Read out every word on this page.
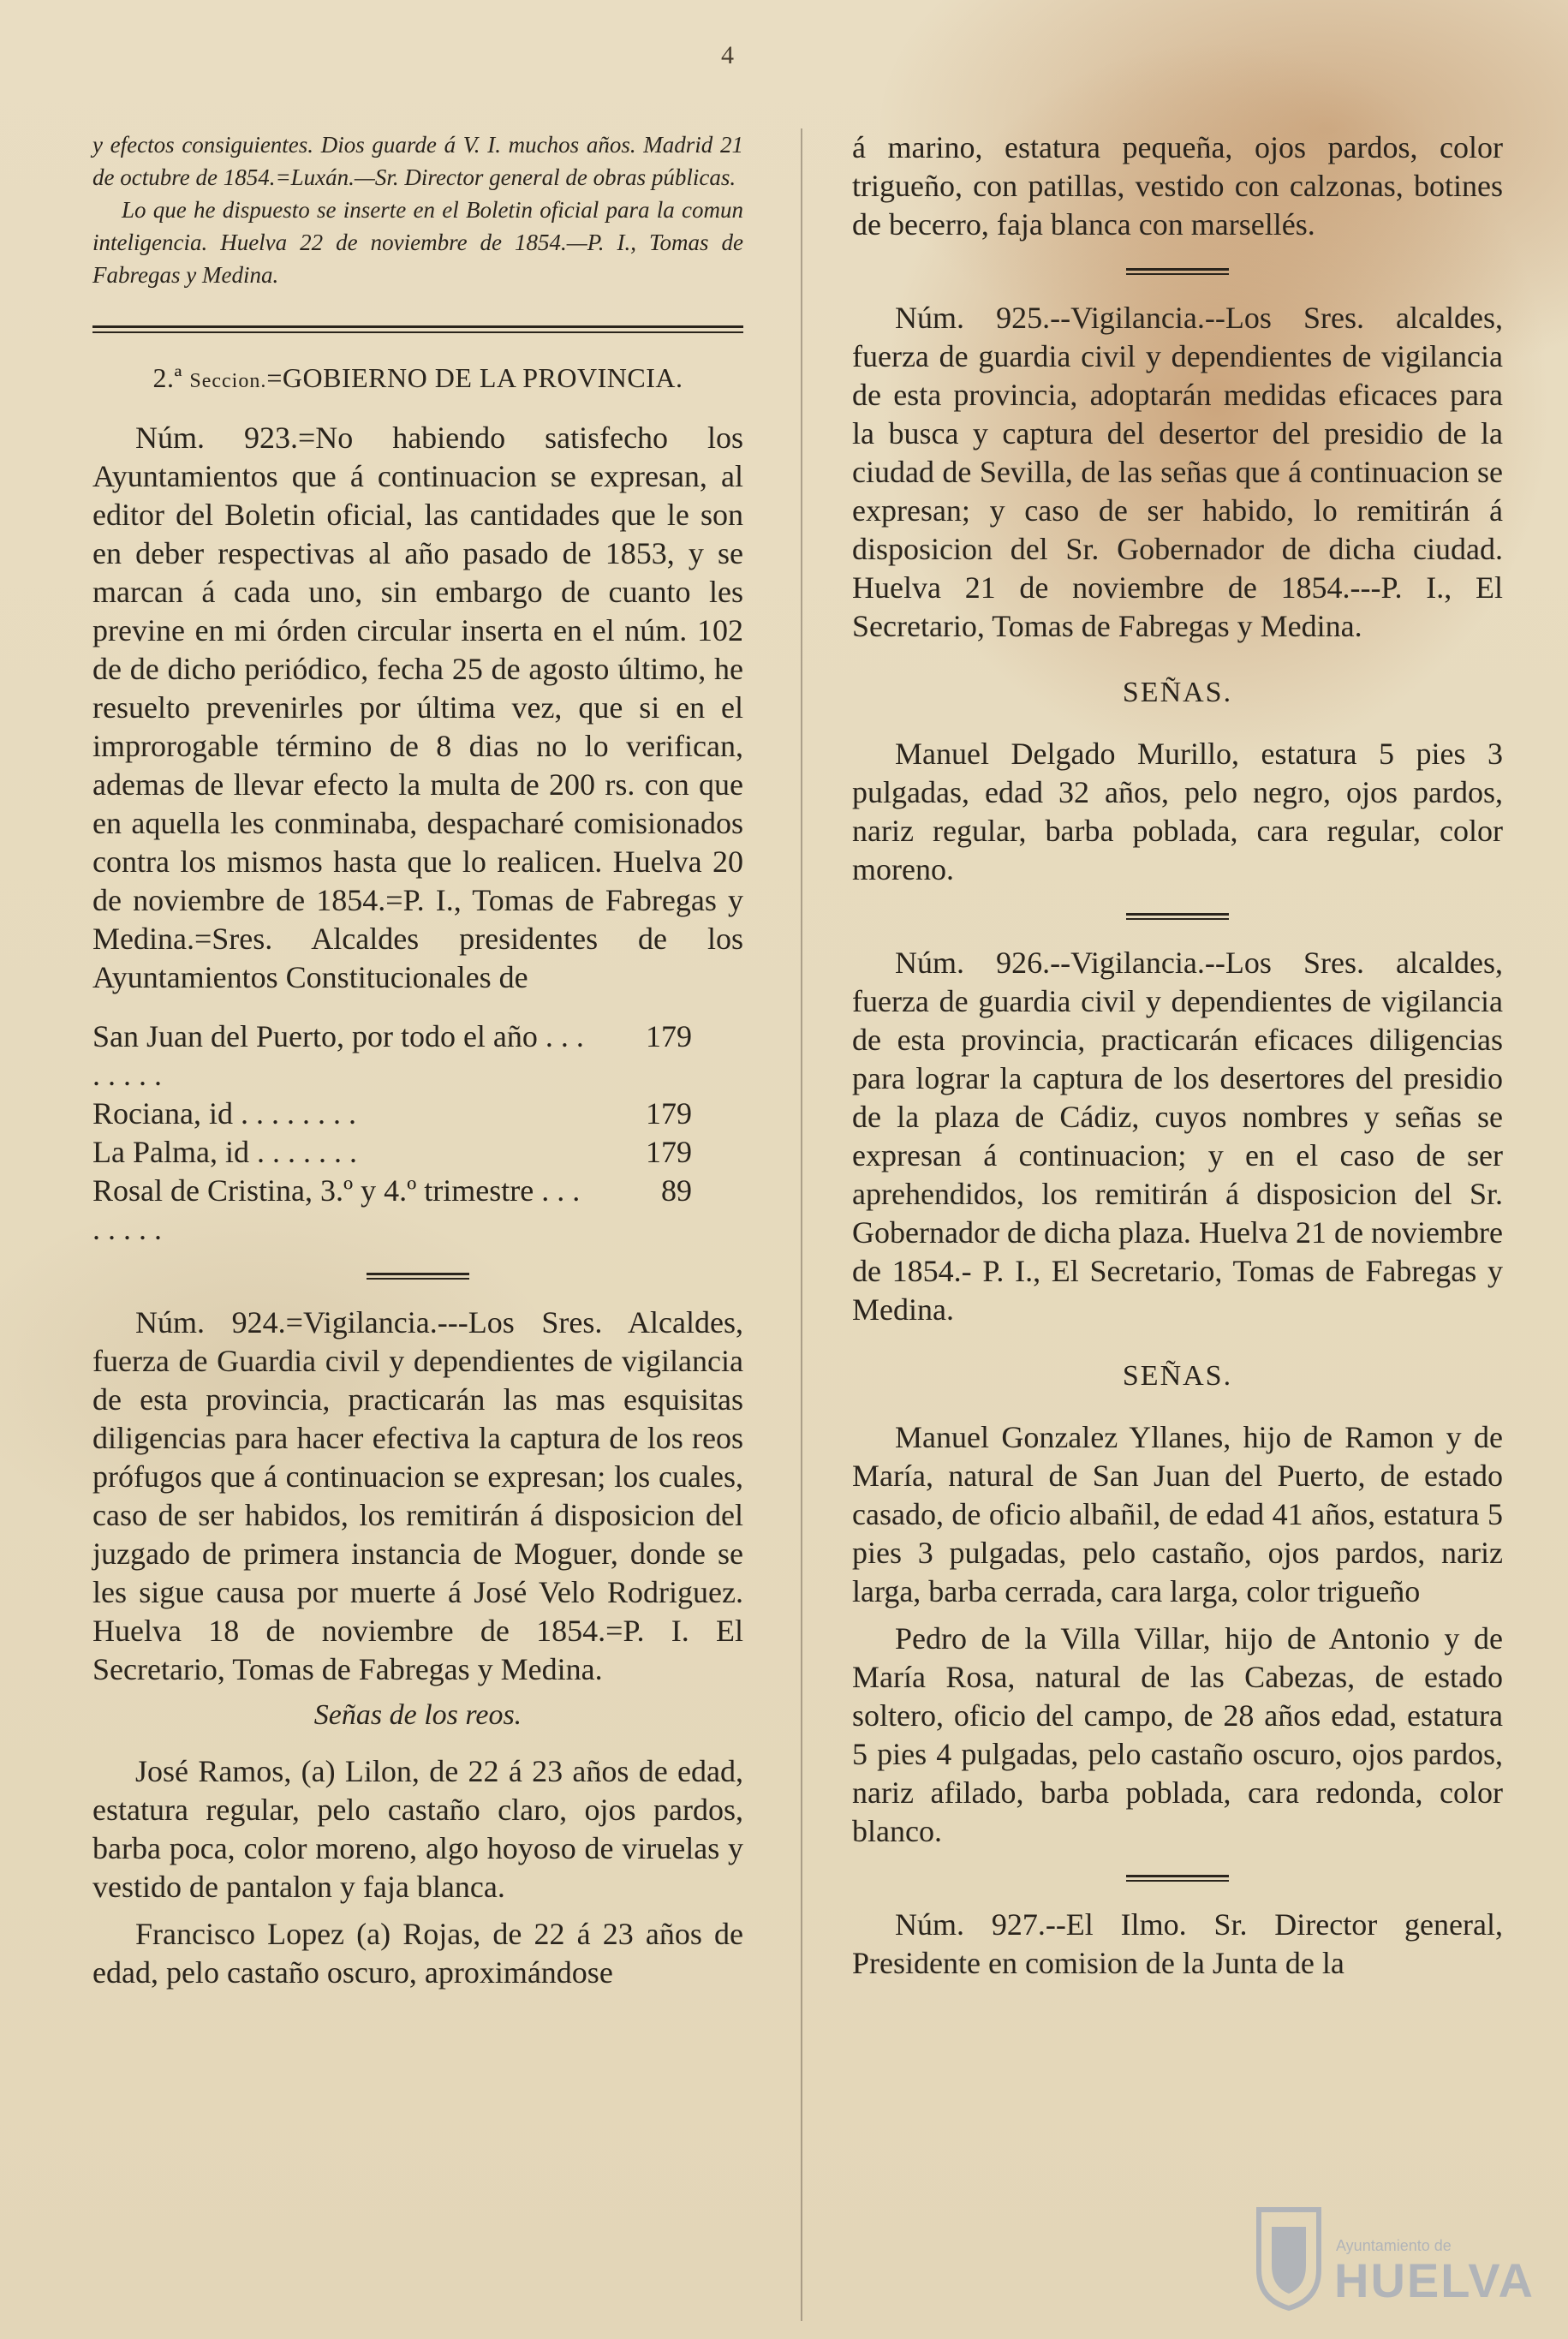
4

y efectos consiguientes. Dios guarde á V. I. muchos años. Madrid 21 de octubre de 1854.=Luxán.—Sr. Director general de obras públicas.

Lo que he dispuesto se inserte en el Boletin oficial para la comun inteligencia. Huelva 22 de noviembre de 1854.—P. I., Tomas de Fabregas y Medina.

2.ª Seccion.=GOBIERNO DE LA PROVINCIA.

Núm. 923.=No habiendo satisfecho los Ayuntamientos que á continuacion se expresan, al editor del Boletin oficial, las cantidades que le son en deber respectivas al año pasado de 1853, y se marcan á cada uno, sin embargo de cuanto les previne en mi órden circular inserta en el núm. 102 de de dicho periódico, fecha 25 de agosto último, he resuelto prevenirles por última vez, que si en el improrogable término de 8 dias no lo verifican, ademas de llevar efecto la multa de 200 rs. con que en aquella les conminaba, despacharé comisionados contra los mismos hasta que lo realicen. Huelva 20 de noviembre de 1854.=P. I., Tomas de Fabregas y Medina.=Sres. Alcaldes presidentes de los Ayuntamientos Constitucionales de

San Juan del Puerto, por todo el año . . . . . . . .	179
Rociana, id . . . . . . . .	179
La Palma, id . . . . . . .	179
Rosal de Cristina, 3.º y 4.º trimestre . . . . . . . .	89

Núm. 924.=Vigilancia.---Los Sres. Alcaldes, fuerza de Guardia civil y dependientes de vigilancia de esta provincia, practicarán las mas esquisitas diligencias para hacer efectiva la captura de los reos prófugos que á continuacion se expresan; los cuales, caso de ser habidos, los remitirán á disposicion del juzgado de primera instancia de Moguer, donde se les sigue causa por muerte á José Velo Rodriguez. Huelva 18 de noviembre de 1854.=P. I. El Secretario, Tomas de Fabregas y Medina.

Señas de los reos.

José Ramos, (a) Lilon, de 22 á 23 años de edad, estatura regular, pelo castaño claro, ojos pardos, barba poca, color moreno, algo hoyoso de viruelas y vestido de pantalon y faja blanca.

Francisco Lopez (a) Rojas, de 22 á 23 años de edad, pelo castaño oscuro, aproximándose

á marino, estatura pequeña, ojos pardos, color trigueño, con patillas, vestido con calzonas, botines de becerro, faja blanca con marsellés.

Núm. 925.--Vigilancia.--Los Sres. alcaldes, fuerza de guardia civil y dependientes de vigilancia de esta provincia, adoptarán medidas eficaces para la busca y captura del desertor del presidio de la ciudad de Sevilla, de las señas que á continuacion se expresan; y caso de ser habido, lo remitirán á disposicion del Sr. Gobernador de dicha ciudad. Huelva 21 de noviembre de 1854.---P. I., El Secretario, Tomas de Fabregas y Medina.

SEÑAS.

Manuel Delgado Murillo, estatura 5 pies 3 pulgadas, edad 32 años, pelo negro, ojos pardos, nariz regular, barba poblada, cara regular, color moreno.

Núm. 926.--Vigilancia.--Los Sres. alcaldes, fuerza de guardia civil y dependientes de vigilancia de esta provincia, practicarán eficaces diligencias para lograr la captura de los desertores del presidio de la plaza de Cádiz, cuyos nombres y señas se expresan á continuacion; y en el caso de ser aprehendidos, los remitirán á disposicion del Sr. Gobernador de dicha plaza. Huelva 21 de noviembre de 1854.- P. I., El Secretario, Tomas de Fabregas y Medina.

SEÑAS.

Manuel Gonzalez Yllanes, hijo de Ramon y de María, natural de San Juan del Puerto, de estado casado, de oficio albañil, de edad 41 años, estatura 5 pies 3 pulgadas, pelo castaño, ojos pardos, nariz larga, barba cerrada, cara larga, color trigueño

Pedro de la Villa Villar, hijo de Antonio y de María Rosa, natural de las Cabezas, de estado soltero, oficio del campo, de 28 años edad, estatura 5 pies 4 pulgadas, pelo castaño oscuro, ojos pardos, nariz afilado, barba poblada, cara redonda, color blanco.

Núm. 927.--El Ilmo. Sr. Director general, Presidente en comision de la Junta de la

Ayuntamiento de
HUELVA
